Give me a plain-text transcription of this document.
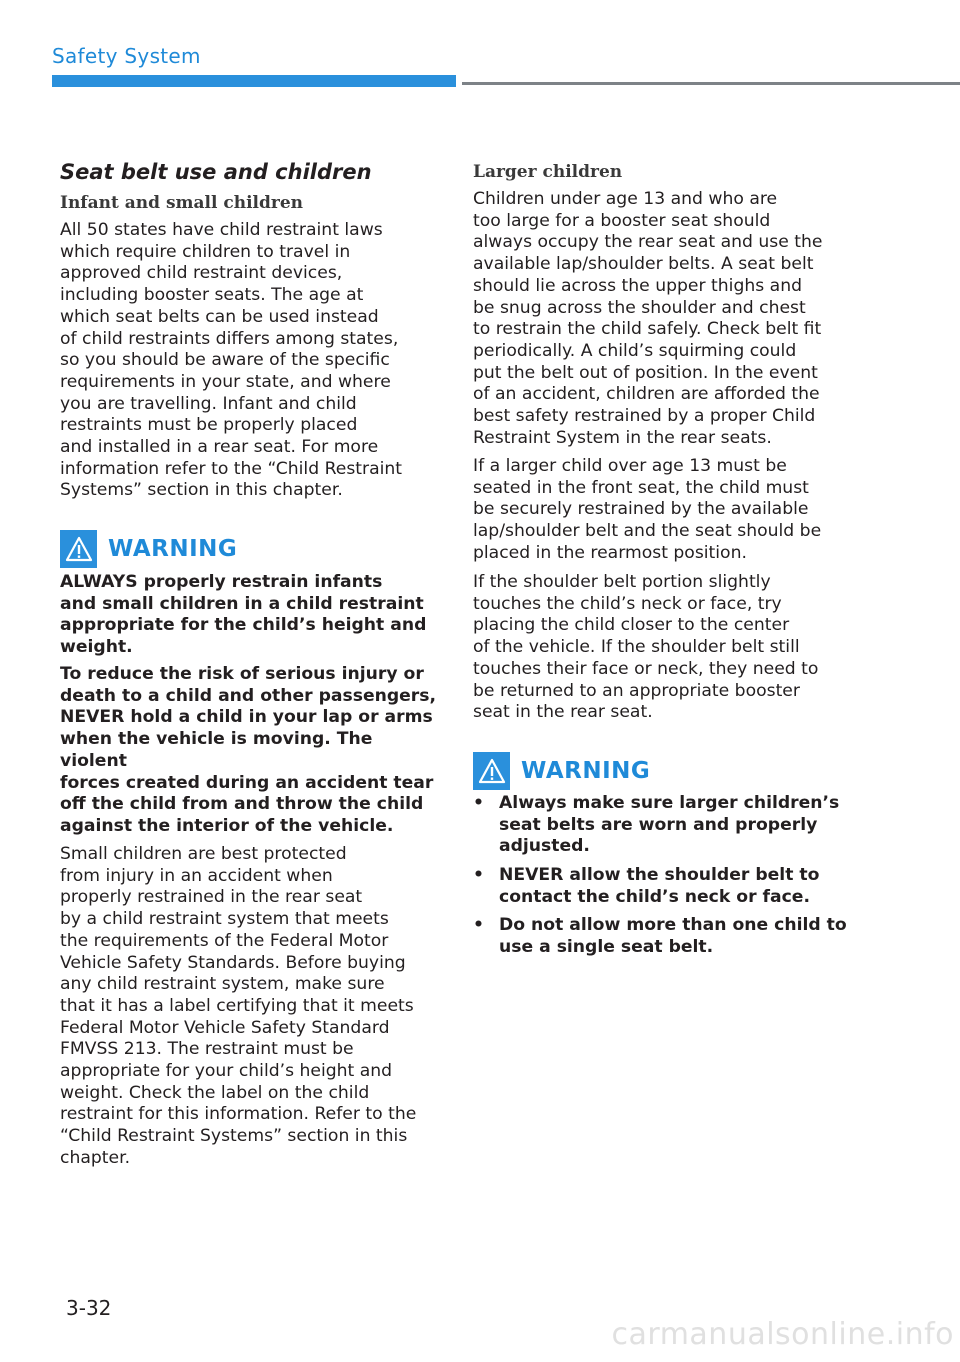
Safety System
Seat belt use and children
Infant and small children

All 50 states have child restraint laws
which require children to travel in
approved child restraint devices,
including booster seats. The age at
which seat belts can be used instead
of child restraints differs among states,
so you should be aware of the specific
requirements in your state, and where
you are travelling. Infant and child
restraints must be properly placed
and installed in a rear seat. For more
information refer to the “Child Restraint
Systems” section in this chapter.

WARNING

ALWAYS properly restrain infants
and small children in a child restraint
appropriate for the child’s height and
weight.

To reduce the risk of serious injury or
death to a child and other passengers,
NEVER hold a child in your lap or arms
when the vehicle is moving. The violent
forces created during an accident tear
off the child from and throw the child
against the interior of the vehicle.

Small children are best protected
from injury in an accident when
properly restrained in the rear seat
by a child restraint system that meets
the requirements of the Federal Motor
Vehicle Safety Standards. Before buying
any child restraint system, make sure
that it has a label certifying that it meets
Federal Motor Vehicle Safety Standard
FMVSS 213. The restraint must be
appropriate for your child’s height and
weight. Check the label on the child
restraint for this information. Refer to the
“Child Restraint Systems” section in this
chapter.

Larger children

Children under age 13 and who are
too large for a booster seat should
always occupy the rear seat and use the
available lap/shoulder belts. A seat belt
should lie across the upper thighs and
be snug across the shoulder and chest
to restrain the child safely. Check belt fit
periodically. A child’s squirming could
put the belt out of position. In the event
of an accident, children are afforded the
best safety restrained by a proper Child
Restraint System in the rear seats.

If a larger child over age 13 must be
seated in the front seat, the child must
be securely restrained by the available
lap/shoulder belt and the seat should be
placed in the rearmost position.

If the shoulder belt portion slightly
touches the child’s neck or face, try
placing the child closer to the center
of the vehicle. If the shoulder belt still
touches their face or neck, they need to
be returned to an appropriate booster
seat in the rear seat.

WARNING
• Always make sure larger children’s
seat belts are worn and properly
adjusted.
• NEVER allow the shoulder belt to
contact the child’s neck or face.
• Do not allow more than one child to
use a single seat belt.
3-32
carmanualsonline.info
